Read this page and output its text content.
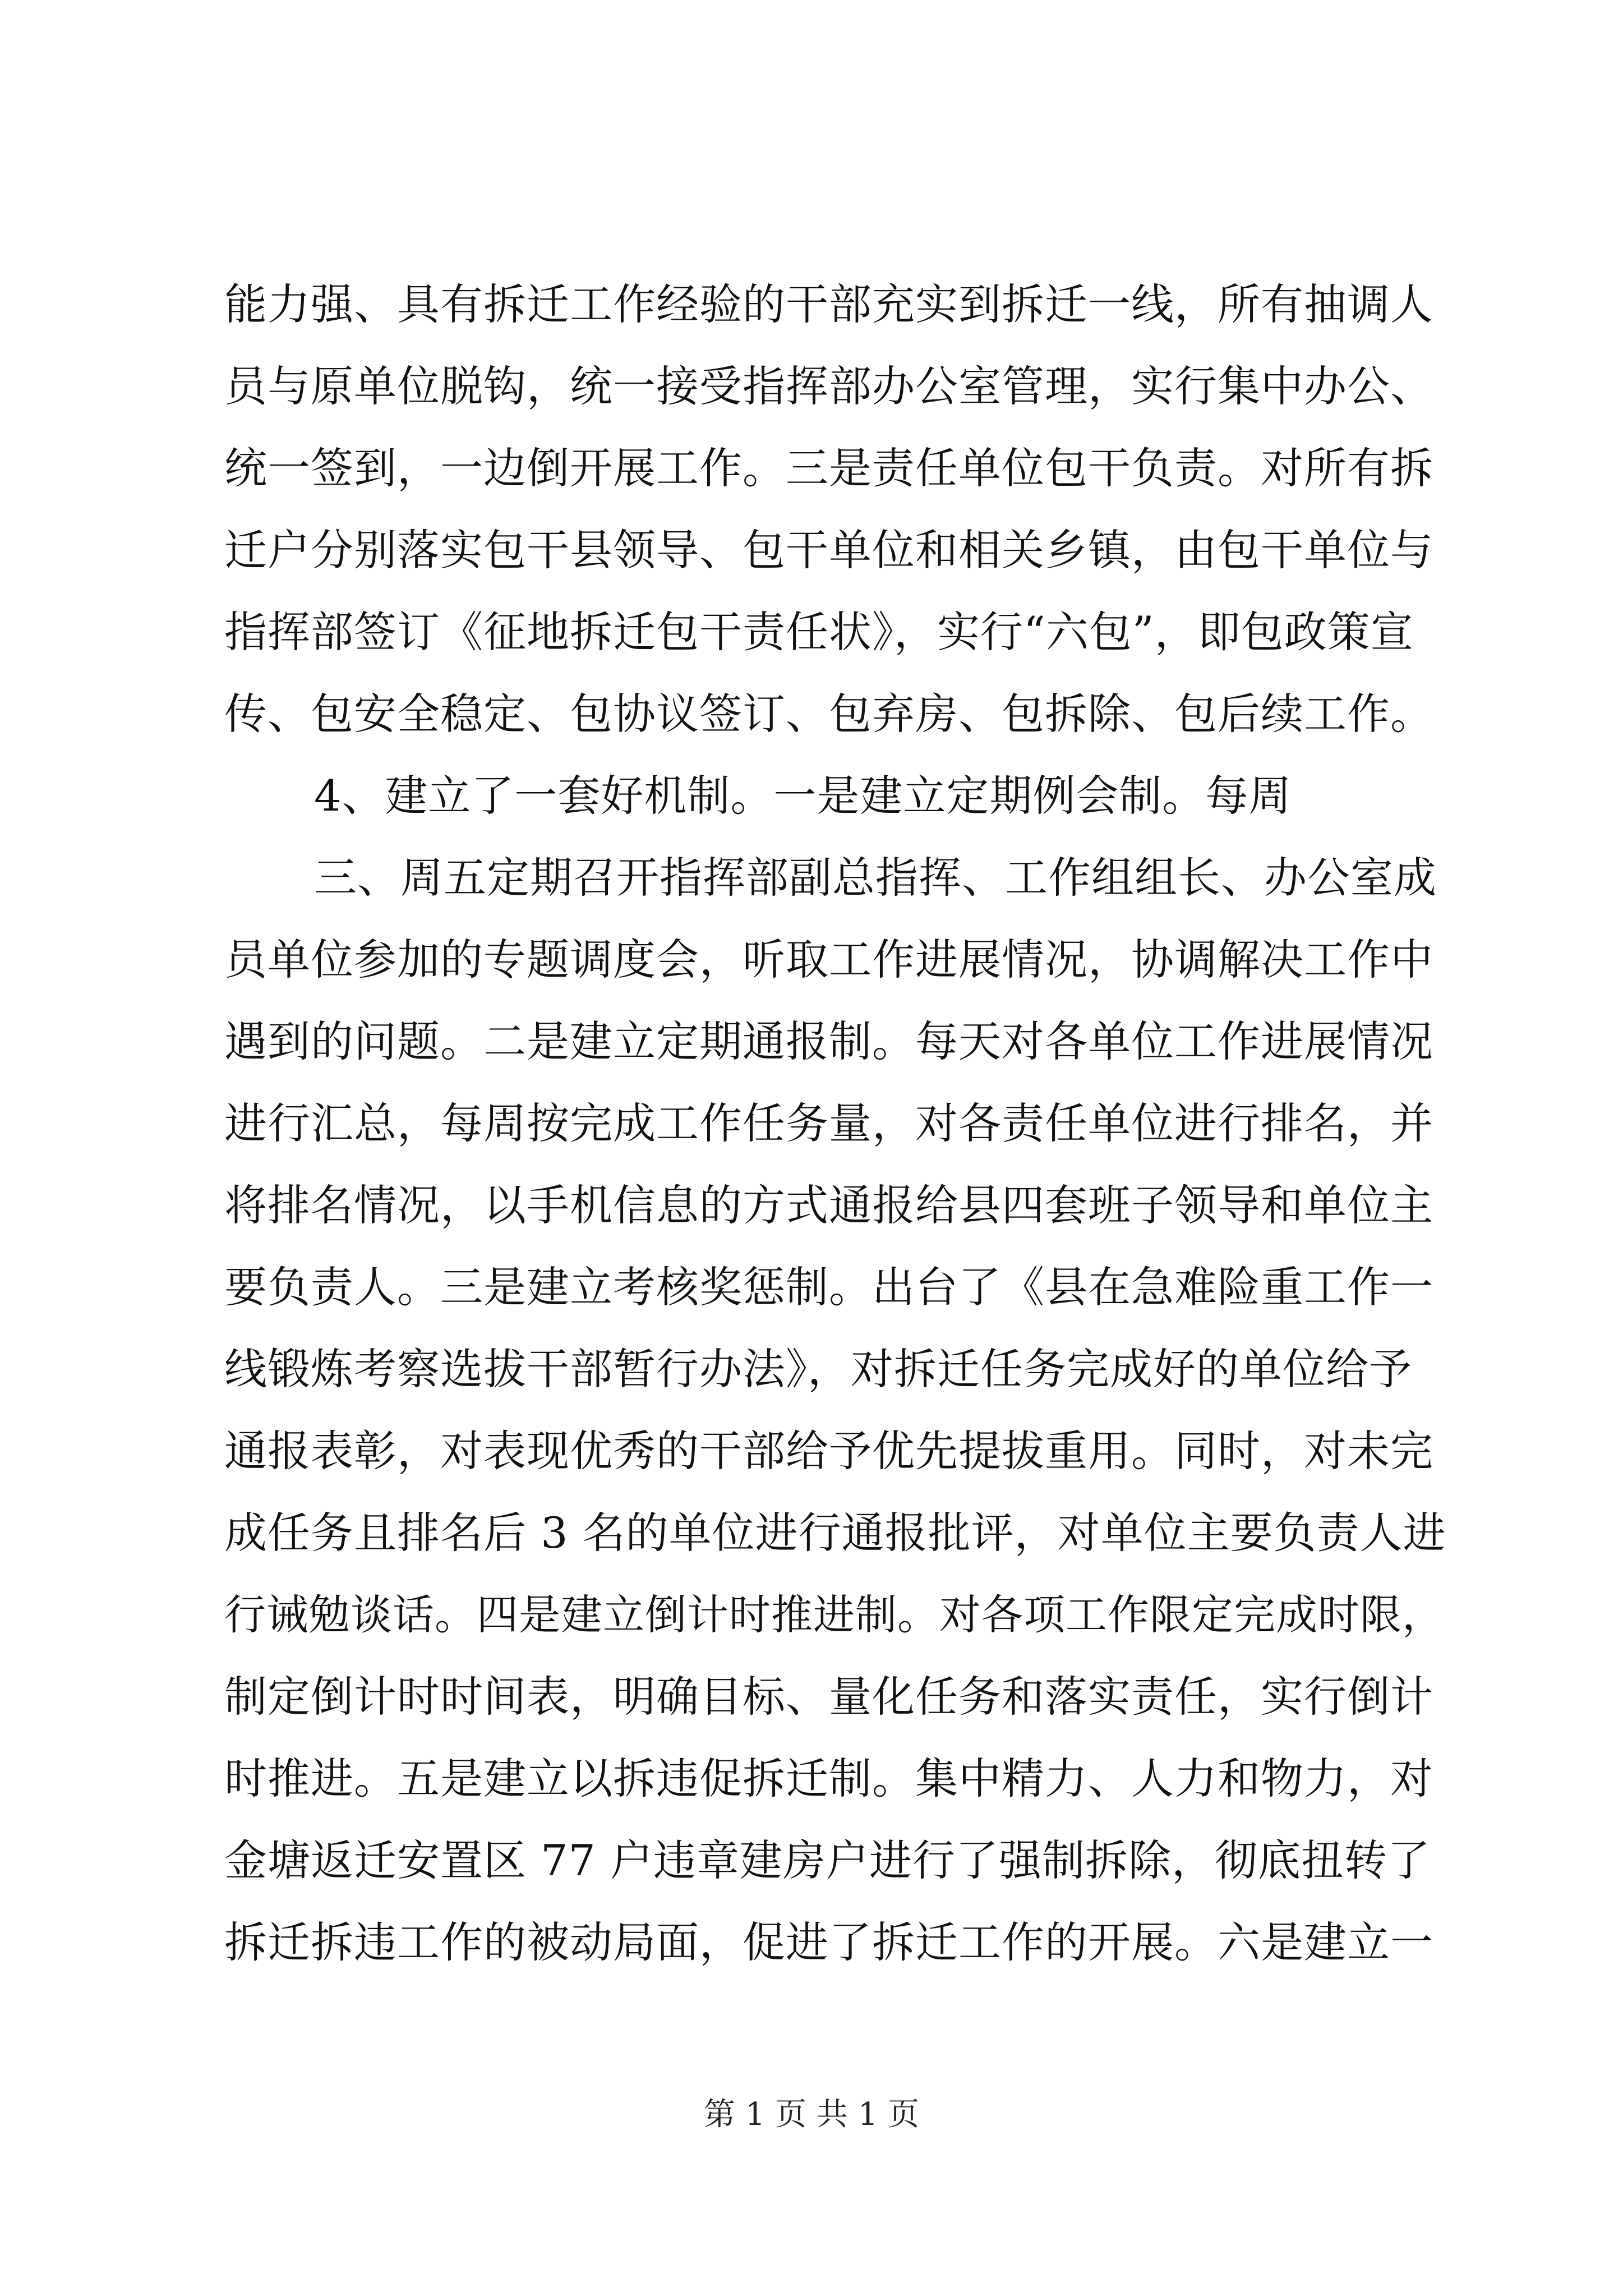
能力强、具有拆迁工作经验的干部充实到拆迁一线，所有抽调人
员与原单位脱钩，统一接受指挥部办公室管理，实行集中办公、
统一签到，一边倒开展工作。三是责任单位包干负责。对所有拆
迁户分别落实包干县领导、包干单位和相关乡镇，由包干单位与
指挥部签订《征地拆迁包干责任状》，实行“六包”，即包政策宣
传、包安全稳定、包协议签订、包弃房、包拆除、包后续工作。
4、建立了一套好机制。一是建立定期例会制。每周
三、周五定期召开指挥部副总指挥、工作组组长、办公室成
员单位参加的专题调度会，听取工作进展情况，协调解决工作中
遇到的问题。二是建立定期通报制。每天对各单位工作进展情况
进行汇总，每周按完成工作任务量，对各责任单位进行排名，并
将排名情况，以手机信息的方式通报给县四套班子领导和单位主
要负责人。三是建立考核奖惩制。出台了《县在急难险重工作一
线锻炼考察选拔干部暂行办法》，对拆迁任务完成好的单位给予
通报表彰，对表现优秀的干部给予优先提拔重用。同时，对未完
成任务且排名后 3 名的单位进行通报批评，对单位主要负责人进
行诫勉谈话。四是建立倒计时推进制。对各项工作限定完成时限，
制定倒计时时间表，明确目标、量化任务和落实责任，实行倒计
时推进。五是建立以拆违促拆迁制。集中精力、人力和物力，对
金塘返迁安置区 77 户违章建房户进行了强制拆除，彻底扭转了
拆迁拆违工作的被动局面，促进了拆迁工作的开展。六是建立一
第 1 页 共 1 页
